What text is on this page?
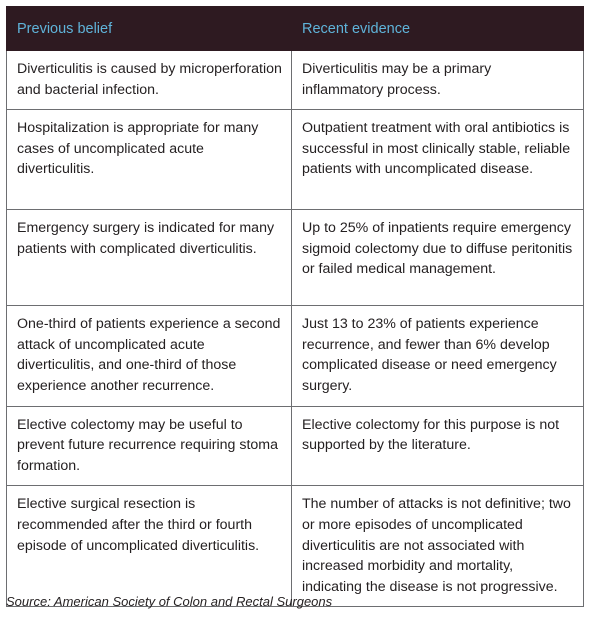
Previous belief	Recent evidence
Diverticulitis is caused by microperforation and bacterial infection.	Diverticulitis may be a primary inflammatory process.
Hospitalization is appropriate for many cases of uncomplicated acute diverticulitis.	Outpatient treatment with oral antibiotics is successful in most clinically stable, reliable patients with uncomplicated disease.
Emergency surgery is indicated for many patients with complicated diverticulitis.	Up to 25% of inpatients require emergency sigmoid colectomy due to diffuse peritonitis or failed medical management.
One-third of patients experience a second attack of uncomplicated acute diverticulitis, and one-third of those experience another recurrence.	Just 13 to 23% of patients experience recurrence, and fewer than 6% develop complicated disease or need emergency surgery.
Elective colectomy may be useful to prevent future recurrence requiring stoma formation.	Elective colectomy for this purpose is not supported by the literature.
Elective surgical resection is recommended after the third or fourth episode of uncomplicated diverticulitis.	The number of attacks is not definitive; two or more episodes of uncomplicated diverticulitis are not associated with increased morbidity and mortality, indicating the disease is not progressive.
Source: American Society of Colon and Rectal Surgeons
